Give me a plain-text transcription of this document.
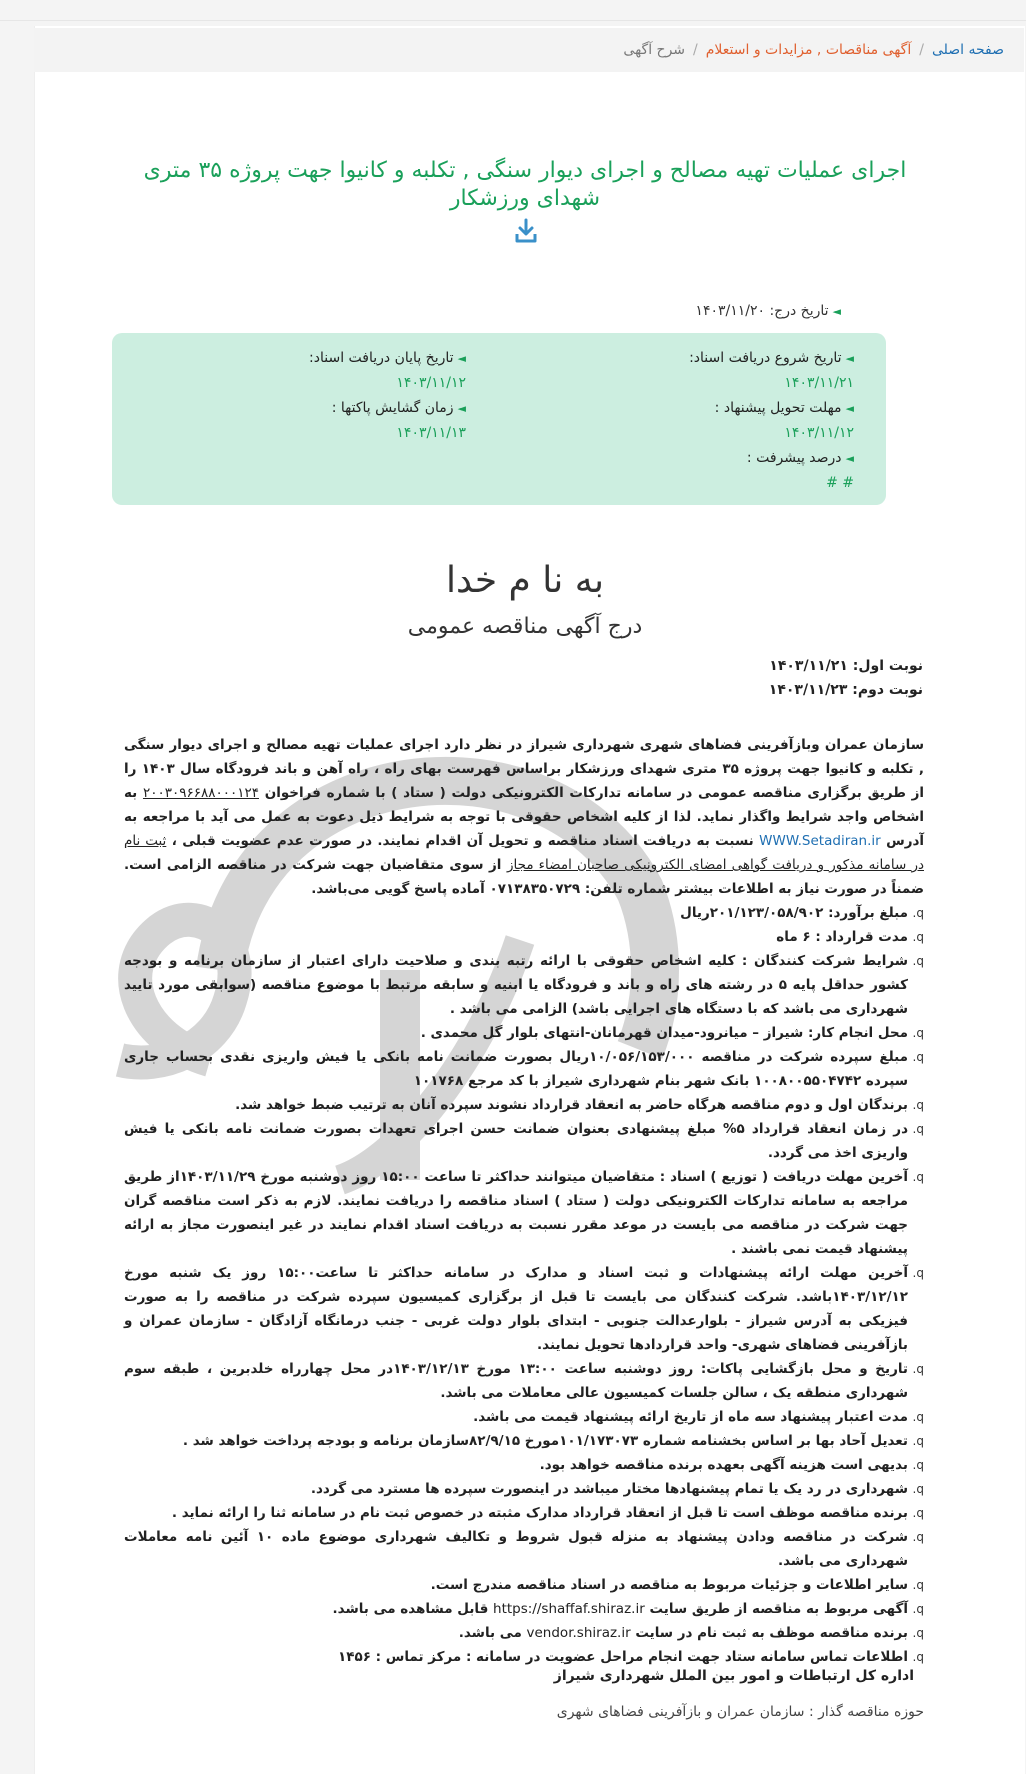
صفحه اصلی/آگهی مناقصات , مزایدات و استعلام/شرح آگهی
اجرای عملیات تهیه مصالح و اجرای دیوار سنگی , تکلبه و کانیوا جهت پروژه ۳۵ متری شهدای ورزشکار
◄تاریخ درج: ۱۴۰۳/۱۱/۲۰
◄تاریخ شروع دریافت اسناد:
۱۴۰۳/۱۱/۲۱
◄تاریخ پایان دریافت اسناد:
۱۴۰۳/۱۱/۱۲
◄مهلت تحویل پیشنهاد :
۱۴۰۳/۱۱/۱۲
◄زمان گشایش پاکتها :
۱۴۰۳/۱۱/۱۳
◄درصد پیشرفت :
# #
به نا م خدا
درج آگهی مناقصه عمومی
نوبت اول: ۱۴۰۳/۱۱/۲۱
نوبت دوم: ۱۴۰۳/۱۱/۲۳

سازمان عمران وبازآفرینی فضاهای شهری شهرداری شیراز در نظر دارد اجرای عملیات تهیه مصالح و اجرای دیوار سنگی , تکلبه و کانیوا جهت پروژه ۳۵ متری شهدای ورزشکار براساس فهرست بهای راه ، راه آهن و باند فرودگاه سال ۱۴۰۳ را از طریق برگزاری مناقصه عمومی در سامانه تدارکات الکترونیکی دولت ( ستاد ) با شماره فراخوان ۲۰۰۳۰۹۶۶۸۸۰۰۰۱۲۴ به اشخاص واجد شرایط واگذار نماید. لذا از کلیه اشخاص حقوقی با توجه به شرایط ذیل دعوت به عمل می آید با مراجعه به آدرس WWW.Setadiran.ir نسبت به دریافت اسناد مناقصه و تحویل آن اقدام نمایند. در صورت عدم عضویت قبلی ، ثبت نام در سامانه مذکور و دریافت گواهی امضای الکترونیکی صاحبان امضاء مجاز از سوی متقاضیان جهت شرکت در مناقصه الزامی است. ضمناً در صورت نیاز به اطلاعات بیشتر شماره تلفن: ۰۷۱۳۸۳۵۰۷۲۹ آماده پاسخ گویی می‌باشد.

q. مبلغ برآورد: ۲۰۱/۱۲۳/۰۵۸/۹۰۲ریال
q. مدت قرارداد : ۶ ماه
q. شرایط شرکت کنندگان : کلیه اشخاص حقوقی با ارائه رتبه بندی و صلاحیت دارای اعتبار از سازمان برنامه و بودجه کشور حداقل پایه ۵ در رشته های راه و باند و فرودگاه یا ابنیه و سابقه مرتبط با موضوع مناقصه (سوابقی مورد تایید شهرداری می باشد که با دستگاه های اجرایی باشد) الزامی می باشد .
q. محل انجام کار: شیراز – میانرود-میدان قهرمانان-انتهای بلوار گل محمدی .
q. مبلغ سپرده شرکت در مناقصه ۱۰/۰۵۶/۱۵۳/۰۰۰ریال بصورت ضمانت نامه بانکی یا فیش واریزی نقدی بحساب جاری سپرده ۱۰۰۸۰۰۵۵۰۴۷۴۲ بانک شهر بنام شهرداری شیراز با کد مرجع ۱۰۱۷۶۸
q. برندگان اول و دوم مناقصه هرگاه حاضر به انعقاد قرارداد نشوند سپرده آنان به ترتیب ضبط خواهد شد.
q. در زمان انعقاد قرارداد ۵% مبلغ پیشنهادی بعنوان ضمانت حسن اجرای تعهدات بصورت ضمانت نامه بانکی یا فیش واریزی اخذ می گردد.
q. آخرین مهلت دریافت ( توزیع ) اسناد : متقاضیان میتوانند حداکثر تا ساعت ۱۵:۰۰ روز دوشنبه مورخ ۱۴۰۳/۱۱/۲۹از طریق مراجعه به سامانه تدارکات الکترونیکی دولت ( ستاد ) اسناد مناقصه را دریافت نمایند. لازم به ذکر است مناقصه گران جهت شرکت در مناقصه می بایست در موعد مقرر نسبت به دریافت اسناد اقدام نمایند در غیر اینصورت مجاز به ارائه پیشنهاد قیمت نمی باشند .
q. آخرین مهلت ارائه پیشنهادات و ثبت اسناد و مدارک در سامانه حداکثر تا ساعت۱۵:۰۰ روز یک شنبه مورخ ۱۴۰۳/۱۲/۱۲باشد. شرکت کنندگان می بایست تا قبل از برگزاری کمیسیون سپرده شرکت در مناقصه را به صورت فیزیکی به آدرس شیراز - بلوارعدالت جنوبی - ابتدای بلوار دولت غربی - جنب درمانگاه آزادگان - سازمان عمران و بازآفرینی فضاهای شهری- واحد قراردادها تحویل نمایند.
q. تاریخ و محل بازگشایی پاکات: روز دوشنبه ساعت ۱۳:۰۰ مورخ ۱۴۰۳/۱۲/۱۳در محل چهارراه خلدبرین ، طبقه سوم شهرداری منطقه یک ، سالن جلسات کمیسیون عالی معاملات می باشد.
q. مدت اعتبار پیشنهاد سه ماه از تاریخ ارائه پیشنهاد قیمت می باشد.
q. تعدیل آحاد بها بر اساس بخشنامه شماره ۱۰۱/۱۷۳۰۷۳مورخ ۸۲/۹/۱۵سازمان برنامه و بودجه پرداخت خواهد شد .
q. بدیهی است هزینه آگهی بعهده برنده مناقصه خواهد بود.
q. شهرداری در رد یک یا تمام پیشنهادها مختار میباشد در اینصورت سپرده ها مسترد می گردد.
q. برنده مناقصه موظف است تا قبل از انعقاد قرارداد مدارک مثبته در خصوص ثبت نام در سامانه ثنا را ارائه نماید .
q. شرکت در مناقصه ودادن پیشنهاد به منزله قبول شروط و تکالیف شهرداری موضوع ماده ۱۰ آئین نامه معاملات شهرداری می باشد.
q. سایر اطلاعات و جزئیات مربوط به مناقصه در اسناد مناقصه مندرج است.
q. آگهی مربوط به مناقصه از طریق سایت https://shaffaf.shiraz.ir قابل مشاهده می باشد.
q. برنده مناقصه موظف به ثبت نام در سایت vendor.shiraz.ir می باشد.
q. اطلاعات تماس سامانه ستاد جهت انجام مراحل عضویت در سامانه : مرکز تماس : ۱۴۵۶
اداره کل ارتباطات و امور بین الملل شهرداری شیراز
حوزه مناقصه گذار : سازمان عمران و بازآفرینی فضاهای شهری
